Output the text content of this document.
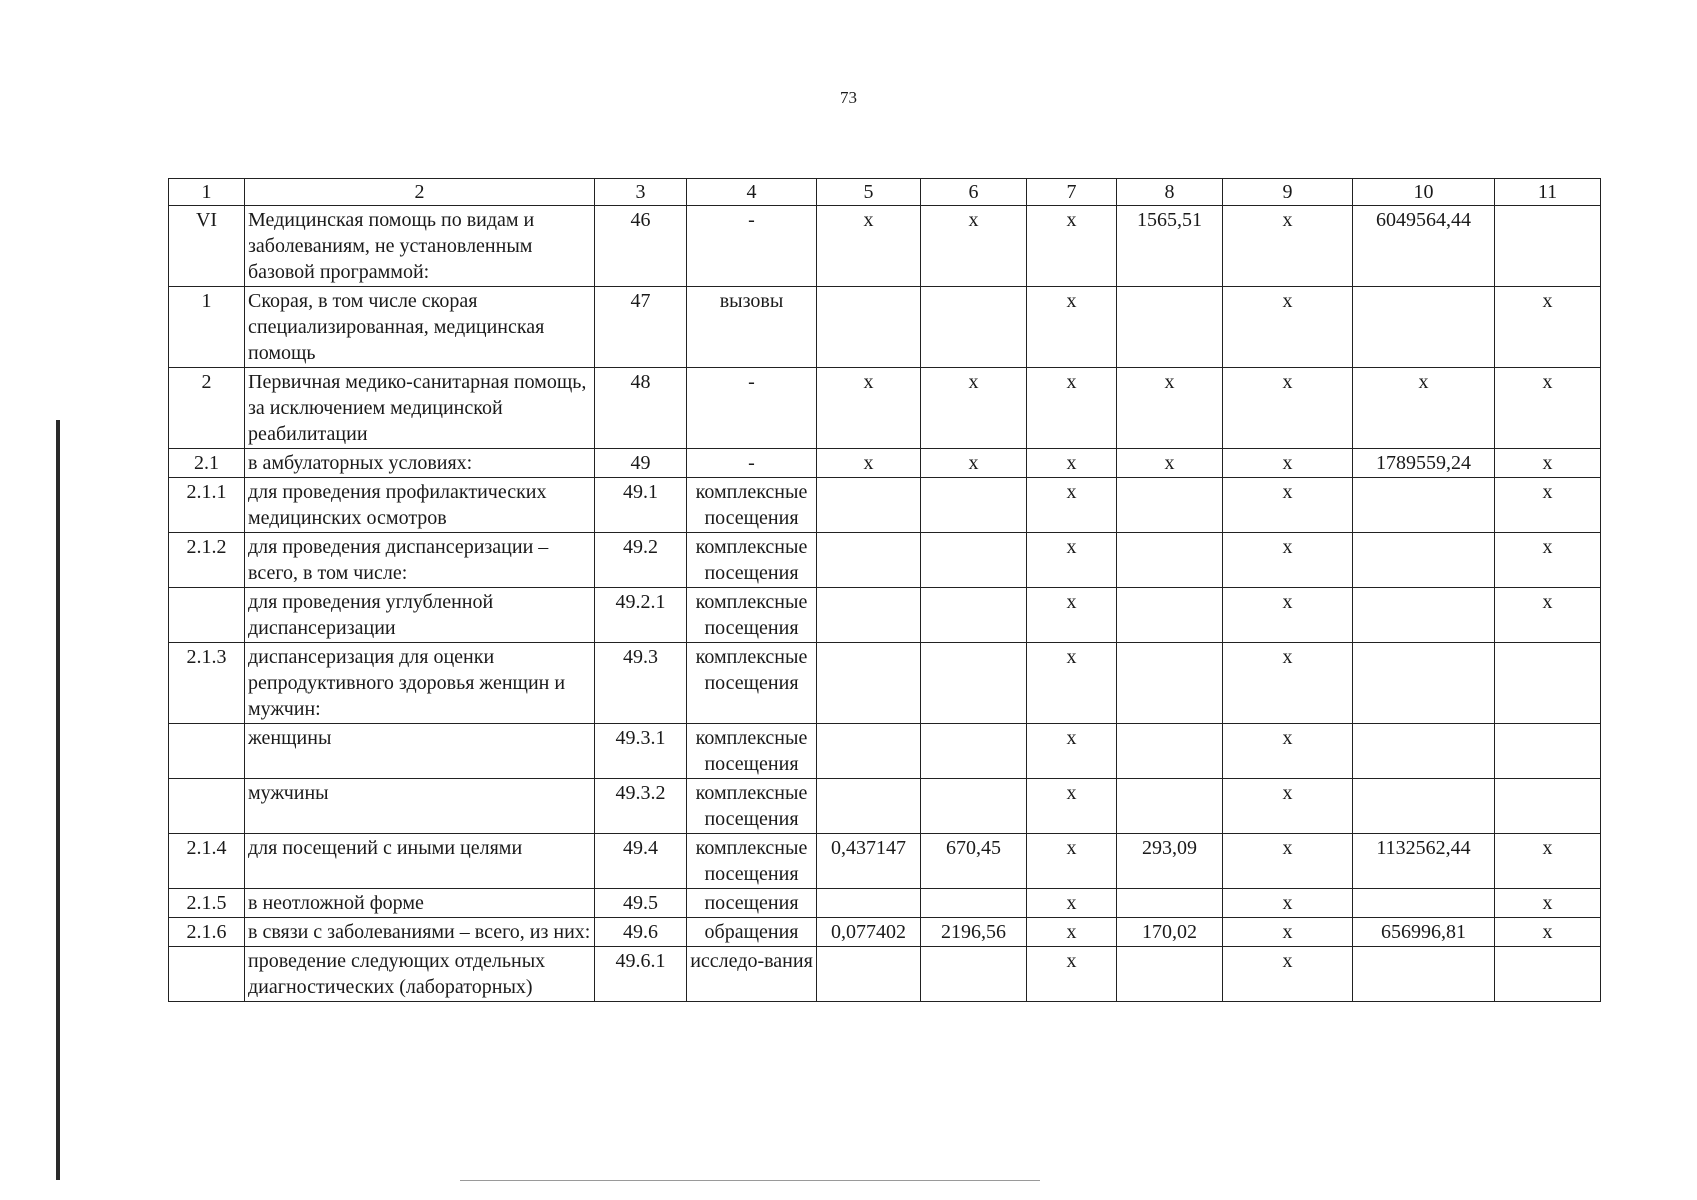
73
1	2	3	4	5	6	7	8	9	10	11
VI	Медицинская помощь по видам и заболеваниям, не установленным базовой программой:	46	-	х	х	х	1565,51	х	6049564,44	
1	Скорая, в том числе скорая специализированная, медицинская помощь	47	вызовы			х		х		х
2	Первичная медико-санитарная помощь, за исключением медицинской реабилитации	48	-	х	х	х	х	х	х	х
2.1	в амбулаторных условиях:	49	-	х	х	х	х	х	1789559,24	х
2.1.1	для проведения профилактических медицинских осмотров	49.1	комплексные посещения			х		х		х
2.1.2	для проведения диспансеризации – всего, в том числе:	49.2	комплексные посещения			х		х		х
	для проведения углубленной диспансеризации	49.2.1	комплексные посещения			х		х		х
2.1.3	диспансеризация для оценки репродуктивного здоровья женщин и мужчин:	49.3	комплексные посещения			х		х		
	женщины	49.3.1	комплексные посещения			х		х		
	мужчины	49.3.2	комплексные посещения			х		х		
2.1.4	для посещений с иными целями	49.4	комплексные посещения	0,437147	670,45	х	293,09	х	1132562,44	х
2.1.5	в неотложной форме	49.5	посещения			х		х		х
2.1.6	в связи с заболеваниями – всего, из них:	49.6	обращения	0,077402	2196,56	х	170,02	х	656996,81	х
	проведение следующих отдельных диагностических (лабораторных)	49.6.1	исследо-вания			х		х		
